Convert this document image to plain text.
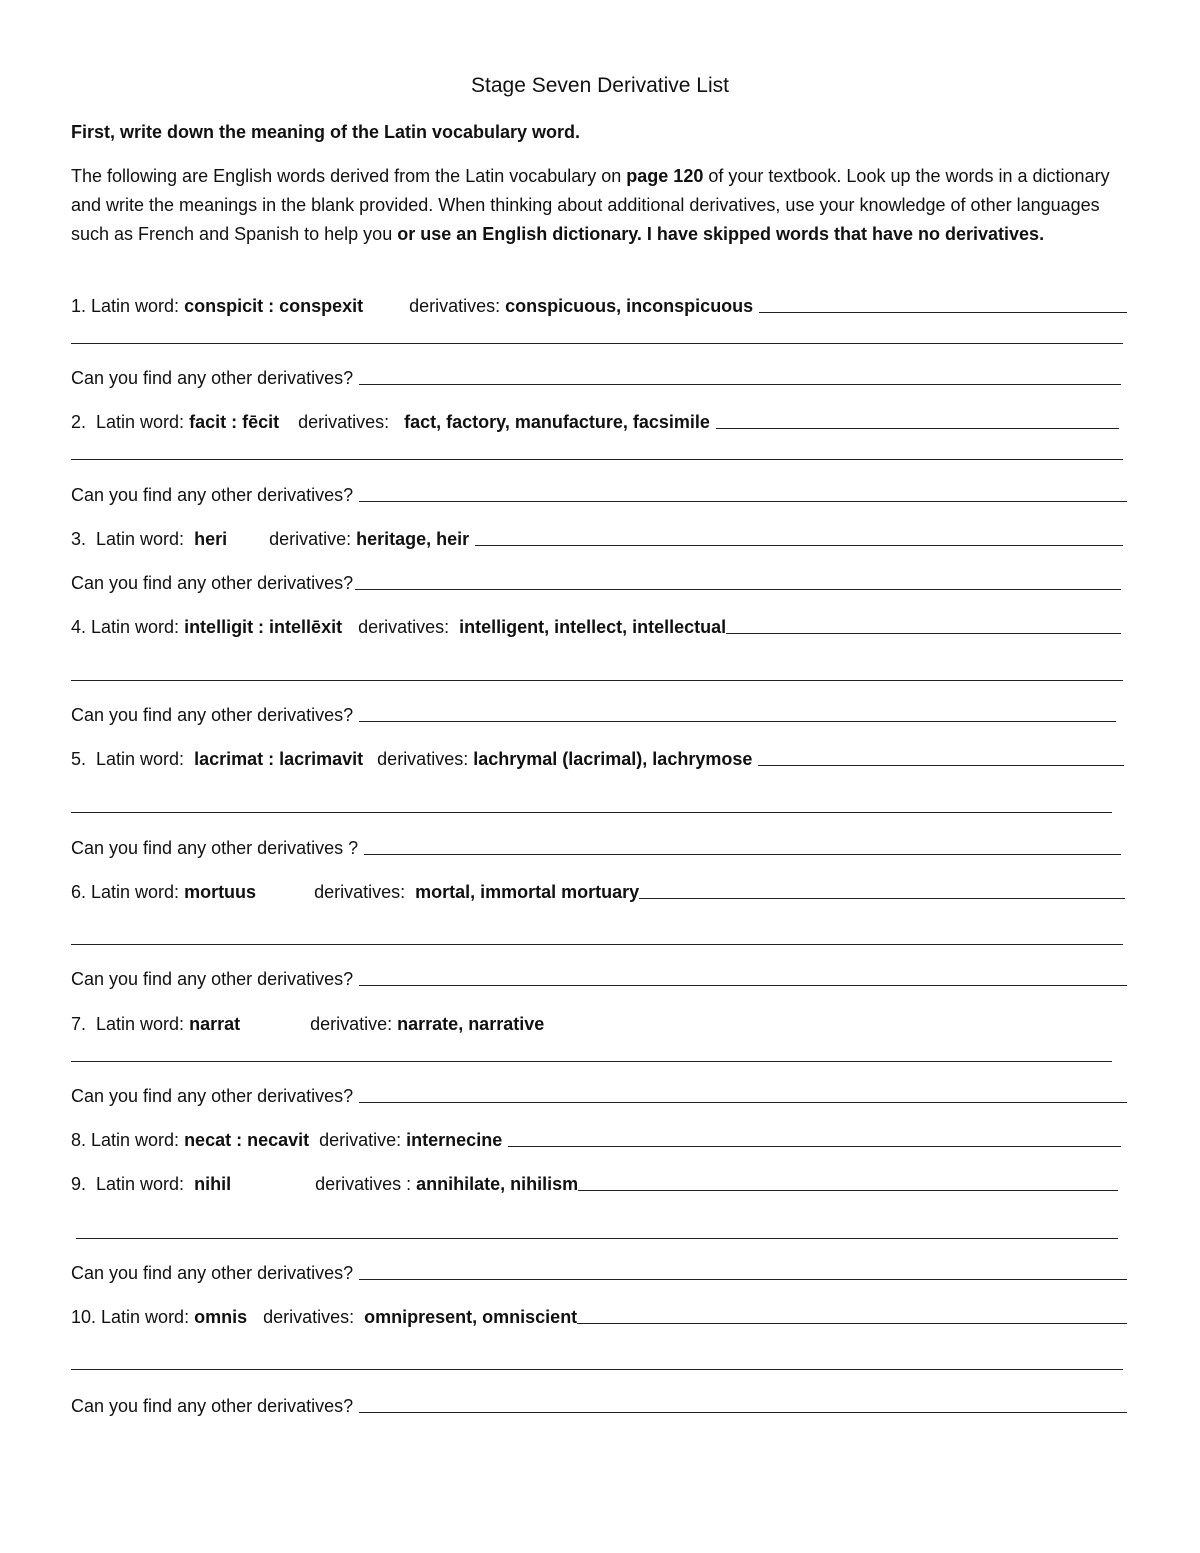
Stage Seven Derivative List
First, write down the meaning of the Latin vocabulary word.
The following are English words derived from the Latin vocabulary on page 120 of your textbook. Look up the words in a dictionary and write the meanings in the blank provided. When thinking about additional derivatives, use your knowledge of other languages such as French and Spanish to help you or use an English dictionary. I have skipped words that have no derivatives.
1. Latin word: conspicit : conspexit	derivatives: conspicuous, inconspicuous
Can you find any other derivatives?
2.  Latin word: facit : fēcit derivatives: fact, factory, manufacture, facsimile
Can you find any other derivatives?
3.  Latin word: heri derivative: heritage, heir
Can you find any other derivatives?
4. Latin word: intelligit : intellēxit derivatives: intelligent, intellect, intellectual
Can you find any other derivatives?
5.  Latin word: lacrimat : lacrimavit derivatives: lachrymal (lacrimal), lachrymose
Can you find any other derivatives ?
6. Latin word: mortuus	derivatives: mortal, immortal mortuary
Can you find any other derivatives?
7.  Latin word: narrat	derivative: narrate, narrative
Can you find any other derivatives?
8. Latin word: necat : necavit derivative: internecine
9.  Latin word: nihil	derivatives : annihilate, nihilism
Can you find any other derivatives?
10. Latin word: omnis derivatives: omnipresent, omniscient
Can you find any other derivatives?
